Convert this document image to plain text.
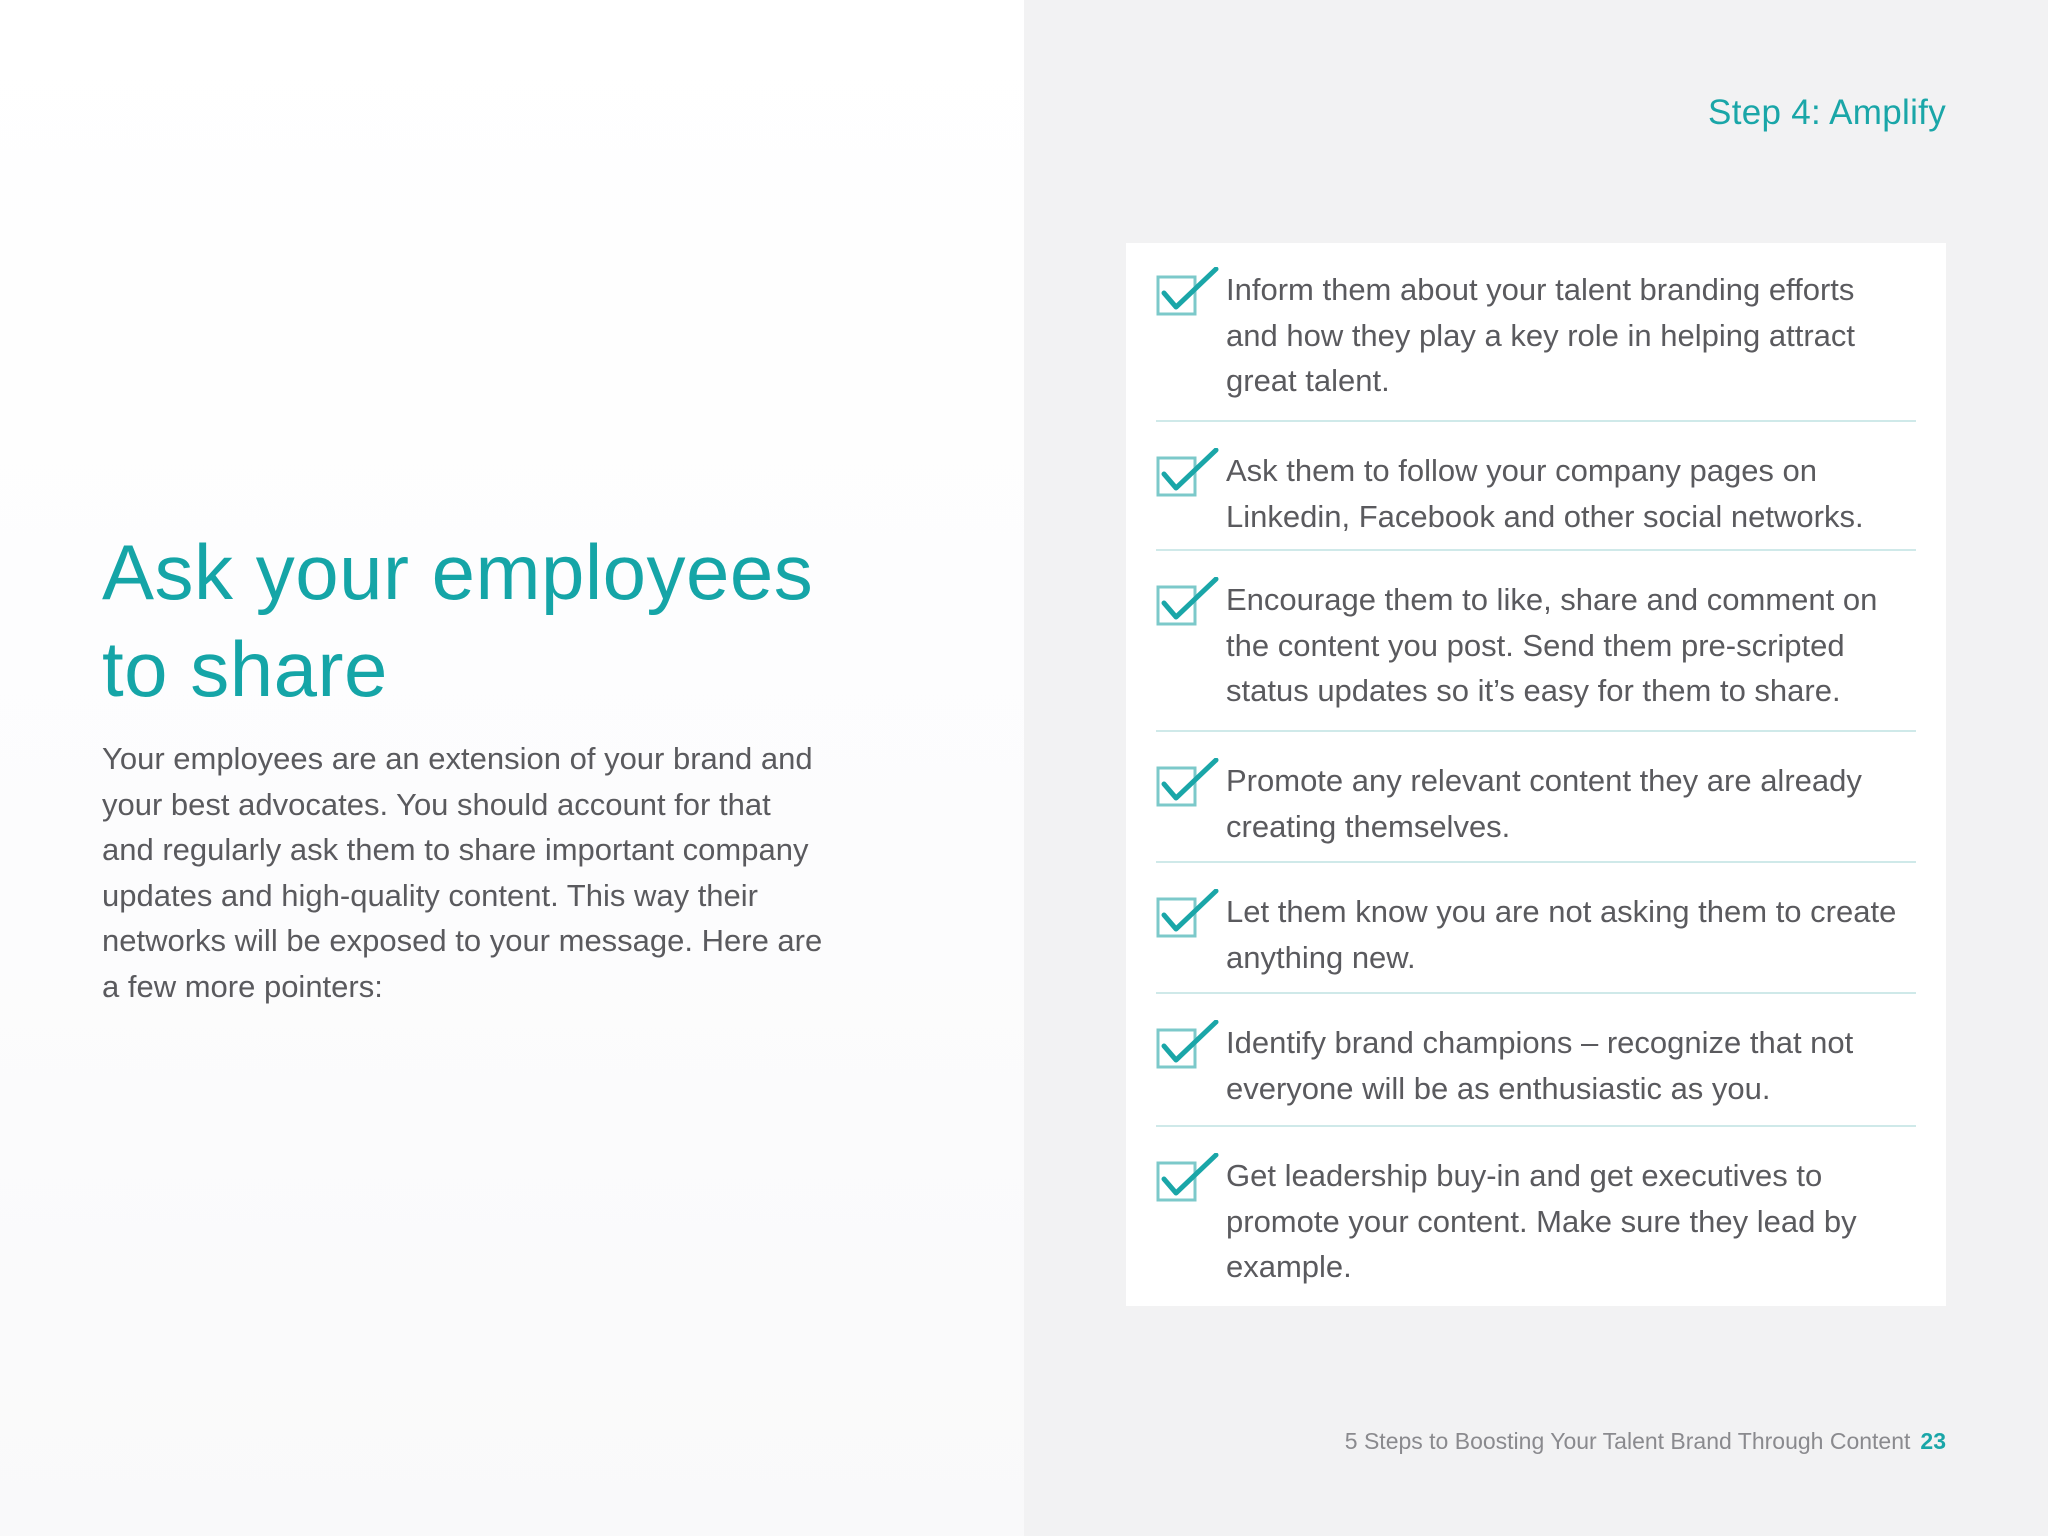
Step 4: Amplify
Ask your employees
to share

Your employees are an extension of your brand and
your best advocates. You should account for that
and regularly ask them to share important company
updates and high-quality content. This way their
networks will be exposed to your message. Here are
a few more pointers:

Inform them about your talent branding efforts
and how they play a key role in helping attract
great talent.

Ask them to follow your company pages on
Linkedin, Facebook and other social networks.

Encourage them to like, share and comment on
the content you post. Send them pre-scripted
status updates so it’s easy for them to share.

Promote any relevant content they are already
creating themselves.

Let them know you are not asking them to create
anything new.

Identify brand champions – recognize that not
everyone will be as enthusiastic as you.

Get leadership buy-in and get executives to
promote your content. Make sure they lead by
example.

5 Steps to Boosting Your Talent Brand Through Content 23
